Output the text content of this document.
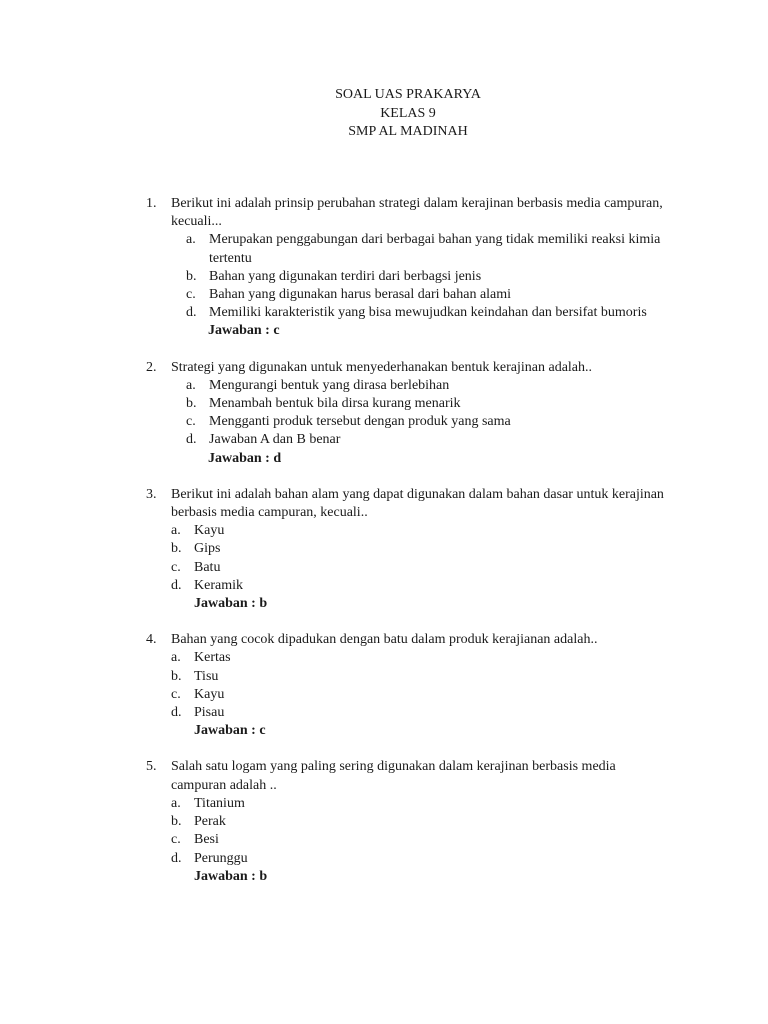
SOAL UAS PRAKARYA
KELAS 9
SMP AL MADINAH
1. Berikut ini adalah prinsip perubahan strategi dalam kerajinan berbasis media campuran, kecuali...
a. Merupakan penggabungan dari berbagai bahan yang tidak memiliki reaksi kimia tertentu
b. Bahan yang digunakan terdiri dari berbagsi jenis
c. Bahan yang digunakan harus berasal dari bahan alami
d. Memiliki karakteristik yang bisa mewujudkan keindahan dan bersifat bumoris
Jawaban : c
2. Strategi yang digunakan untuk menyederhanakan bentuk kerajinan adalah..
a. Mengurangi bentuk yang dirasa berlebihan
b. Menambah bentuk bila dirsa kurang menarik
c. Mengganti produk tersebut dengan produk yang sama
d. Jawaban A dan B benar
Jawaban : d
3. Berikut ini adalah bahan alam yang dapat digunakan dalam bahan dasar untuk kerajinan berbasis media campuran, kecuali..
a. Kayu
b. Gips
c. Batu
d. Keramik
Jawaban : b
4. Bahan yang cocok dipadukan dengan batu dalam produk kerajianan adalah..
a. Kertas
b. Tisu
c. Kayu
d. Pisau
Jawaban : c
5. Salah satu logam yang paling sering digunakan dalam kerajinan berbasis media campuran adalah ..
a. Titanium
b. Perak
c. Besi
d. Perunggu
Jawaban : b
